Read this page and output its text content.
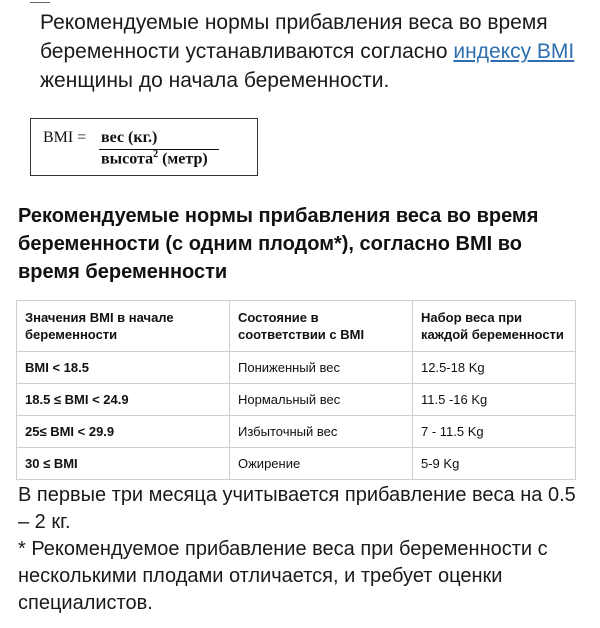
Рекомендуемые нормы прибавления веса во время беременности устанавливаются согласно индексу BMI женщины до начала беременности.
BMI = вес (кг.)
высота$^2$ (метр)
Рекомендуемые нормы прибавления веса во время беременности (с одним плодом*), согласно BMI во время беременности
Значения BMI в начале беременности	Состояние в соответствии с BMI	Набор веса при каждой беременности
BMI < 18.5	Пониженный вес	12.5-18 Kg
18.5 ≤ BMI < 24.9	Нормальный вес	11.5 -16 Kg
25≤ BMI < 29.9	Избыточный вес	7 - 11.5 Kg
30 ≤ BMI	Ожирение	5-9 Kg

В первые три месяца учитывается прибавление веса на 0.5 – 2 кг.

* Рекомендуемое прибавление веса при беременности с несколькими плодами отличается, и требует оценки специалистов.
